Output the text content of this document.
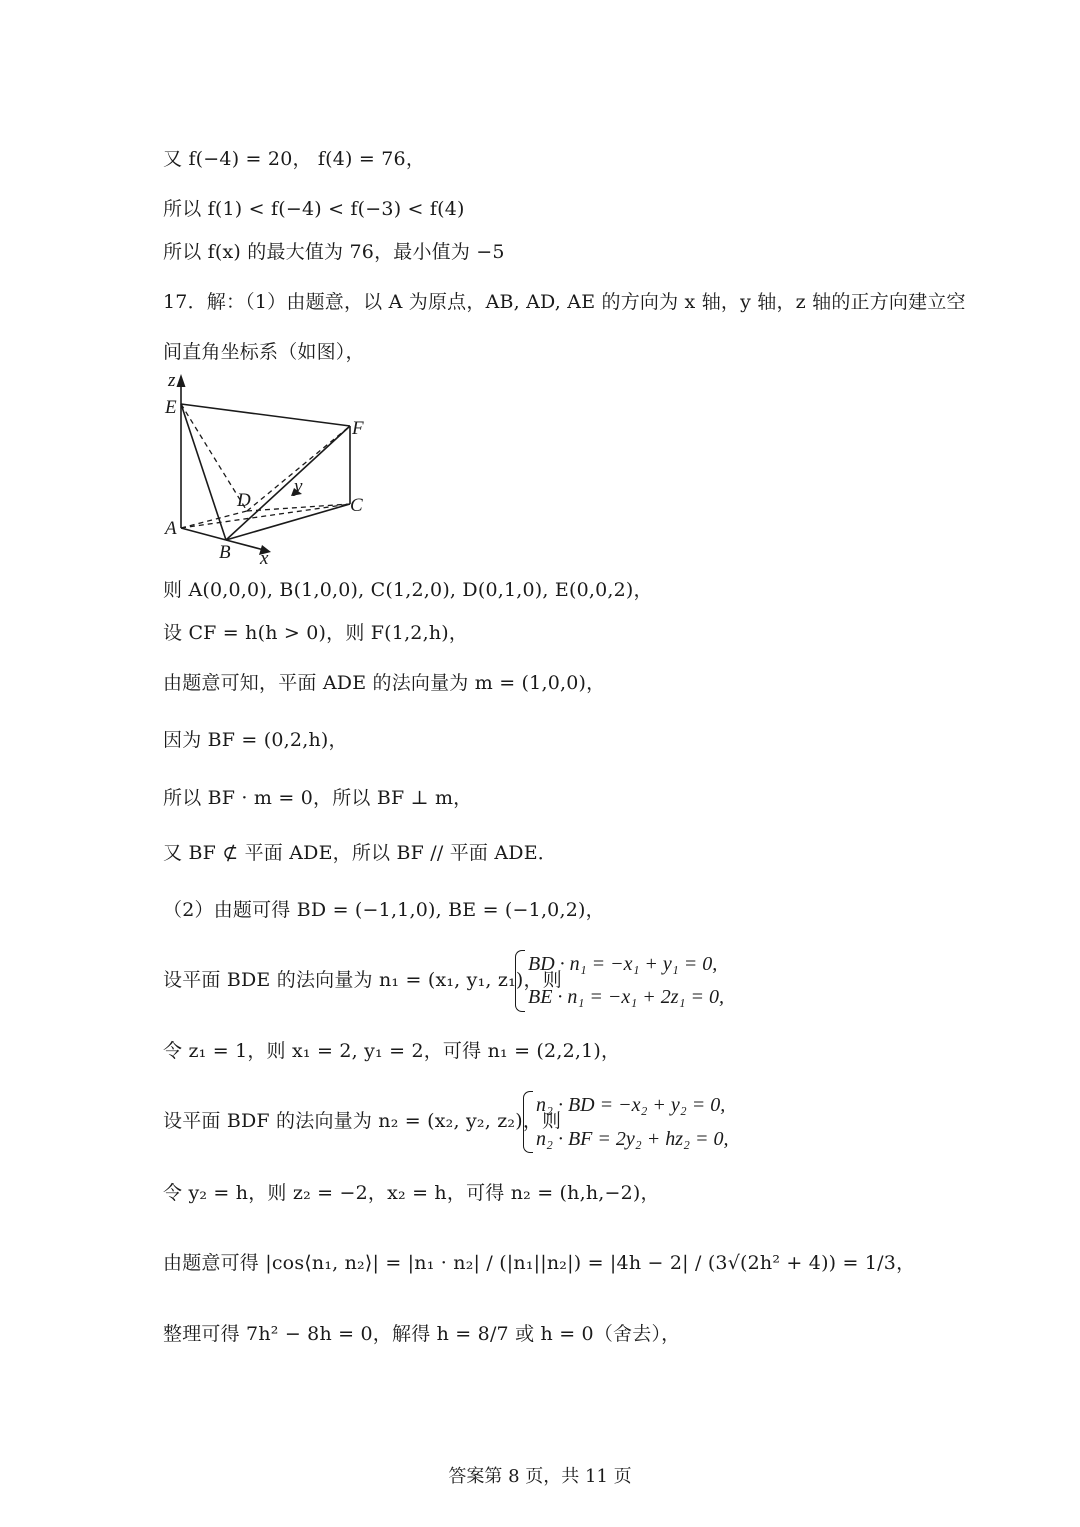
又 f(−4) = 20， f(4) = 76，
所以 f(1) < f(−4) < f(−3) < f(4)
所以 f(x) 的最大值为 76，最小值为 −5
17．解：（1）由题意，以 A 为原点，AB, AD, AE 的方向为 x 轴，y 轴，z 轴的正方向建立空
间直角坐标系（如图），
z
E
F
D
y
C
A
B x
则 A(0,0,0), B(1,0,0), C(1,2,0), D(0,1,0), E(0,0,2)，
设 CF = h(h > 0)，则 F(1,2,h)，
由题意可知，平面 ADE 的法向量为 m = (1,0,0)，
因为 BF = (0,2,h)，
所以 BF · m = 0，所以 BF ⊥ m，
又 BF ⊄ 平面 ADE，所以 BF // 平面 ADE．
（2）由题可得 BD = (−1,1,0), BE = (−1,0,2)，
设平面 BDE 的法向量为 n₁ = (x₁, y₁, z₁)，则
BD · n₁ = −x₁ + y₁ = 0,
BE · n₁ = −x₁ + 2z₁ = 0,
令 z₁ = 1，则 x₁ = 2, y₁ = 2，可得 n₁ = (2,2,1)，
设平面 BDF 的法向量为 n₂ = (x₂, y₂, z₂)，则
n₂ · BD = −x₂ + y₂ = 0,
n₂ · BF = 2y₂ + hz₂ = 0,
令 y₂ = h，则 z₂ = −2，x₂ = h，可得 n₂ = (h,h,−2)，
由题意可得 |cos⟨n₁, n₂⟩| = |n₁ · n₂| / (|n₁||n₂|) = |4h − 2| / (3√(2h² + 4)) = 1/3，
整理可得 7h² − 8h = 0，解得 h = 8/7 或 h = 0（舍去），
答案第 8 页，共 11 页
